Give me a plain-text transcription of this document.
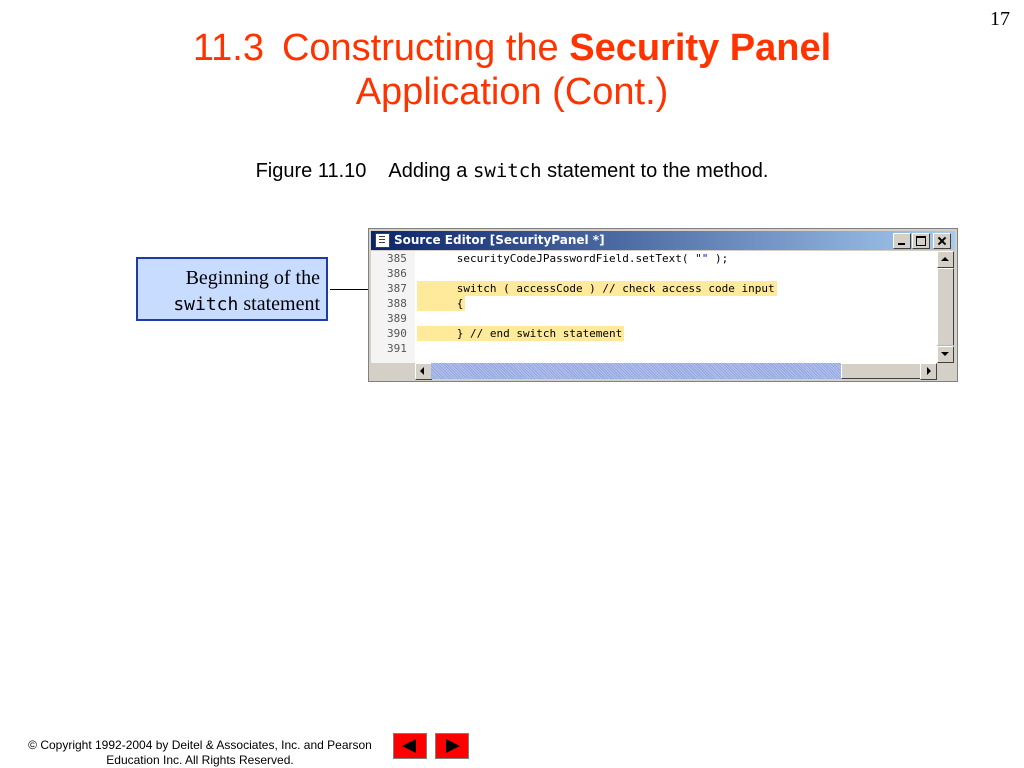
17
11.3 Constructing the Security Panel
Application (Cont.)
Figure 11.10 Adding a switch statement to the method.
Beginning of the
switch statement
Source Editor [SecurityPanel *]
385 securityCodeJPasswordField.setText( "" );
386
387 switch ( accessCode ) // check access code input
388 {
389
390 } // end switch statement
391
© Copyright 1992-2004 by Deitel & Associates, Inc. and Pearson
Education Inc. All Rights Reserved.
